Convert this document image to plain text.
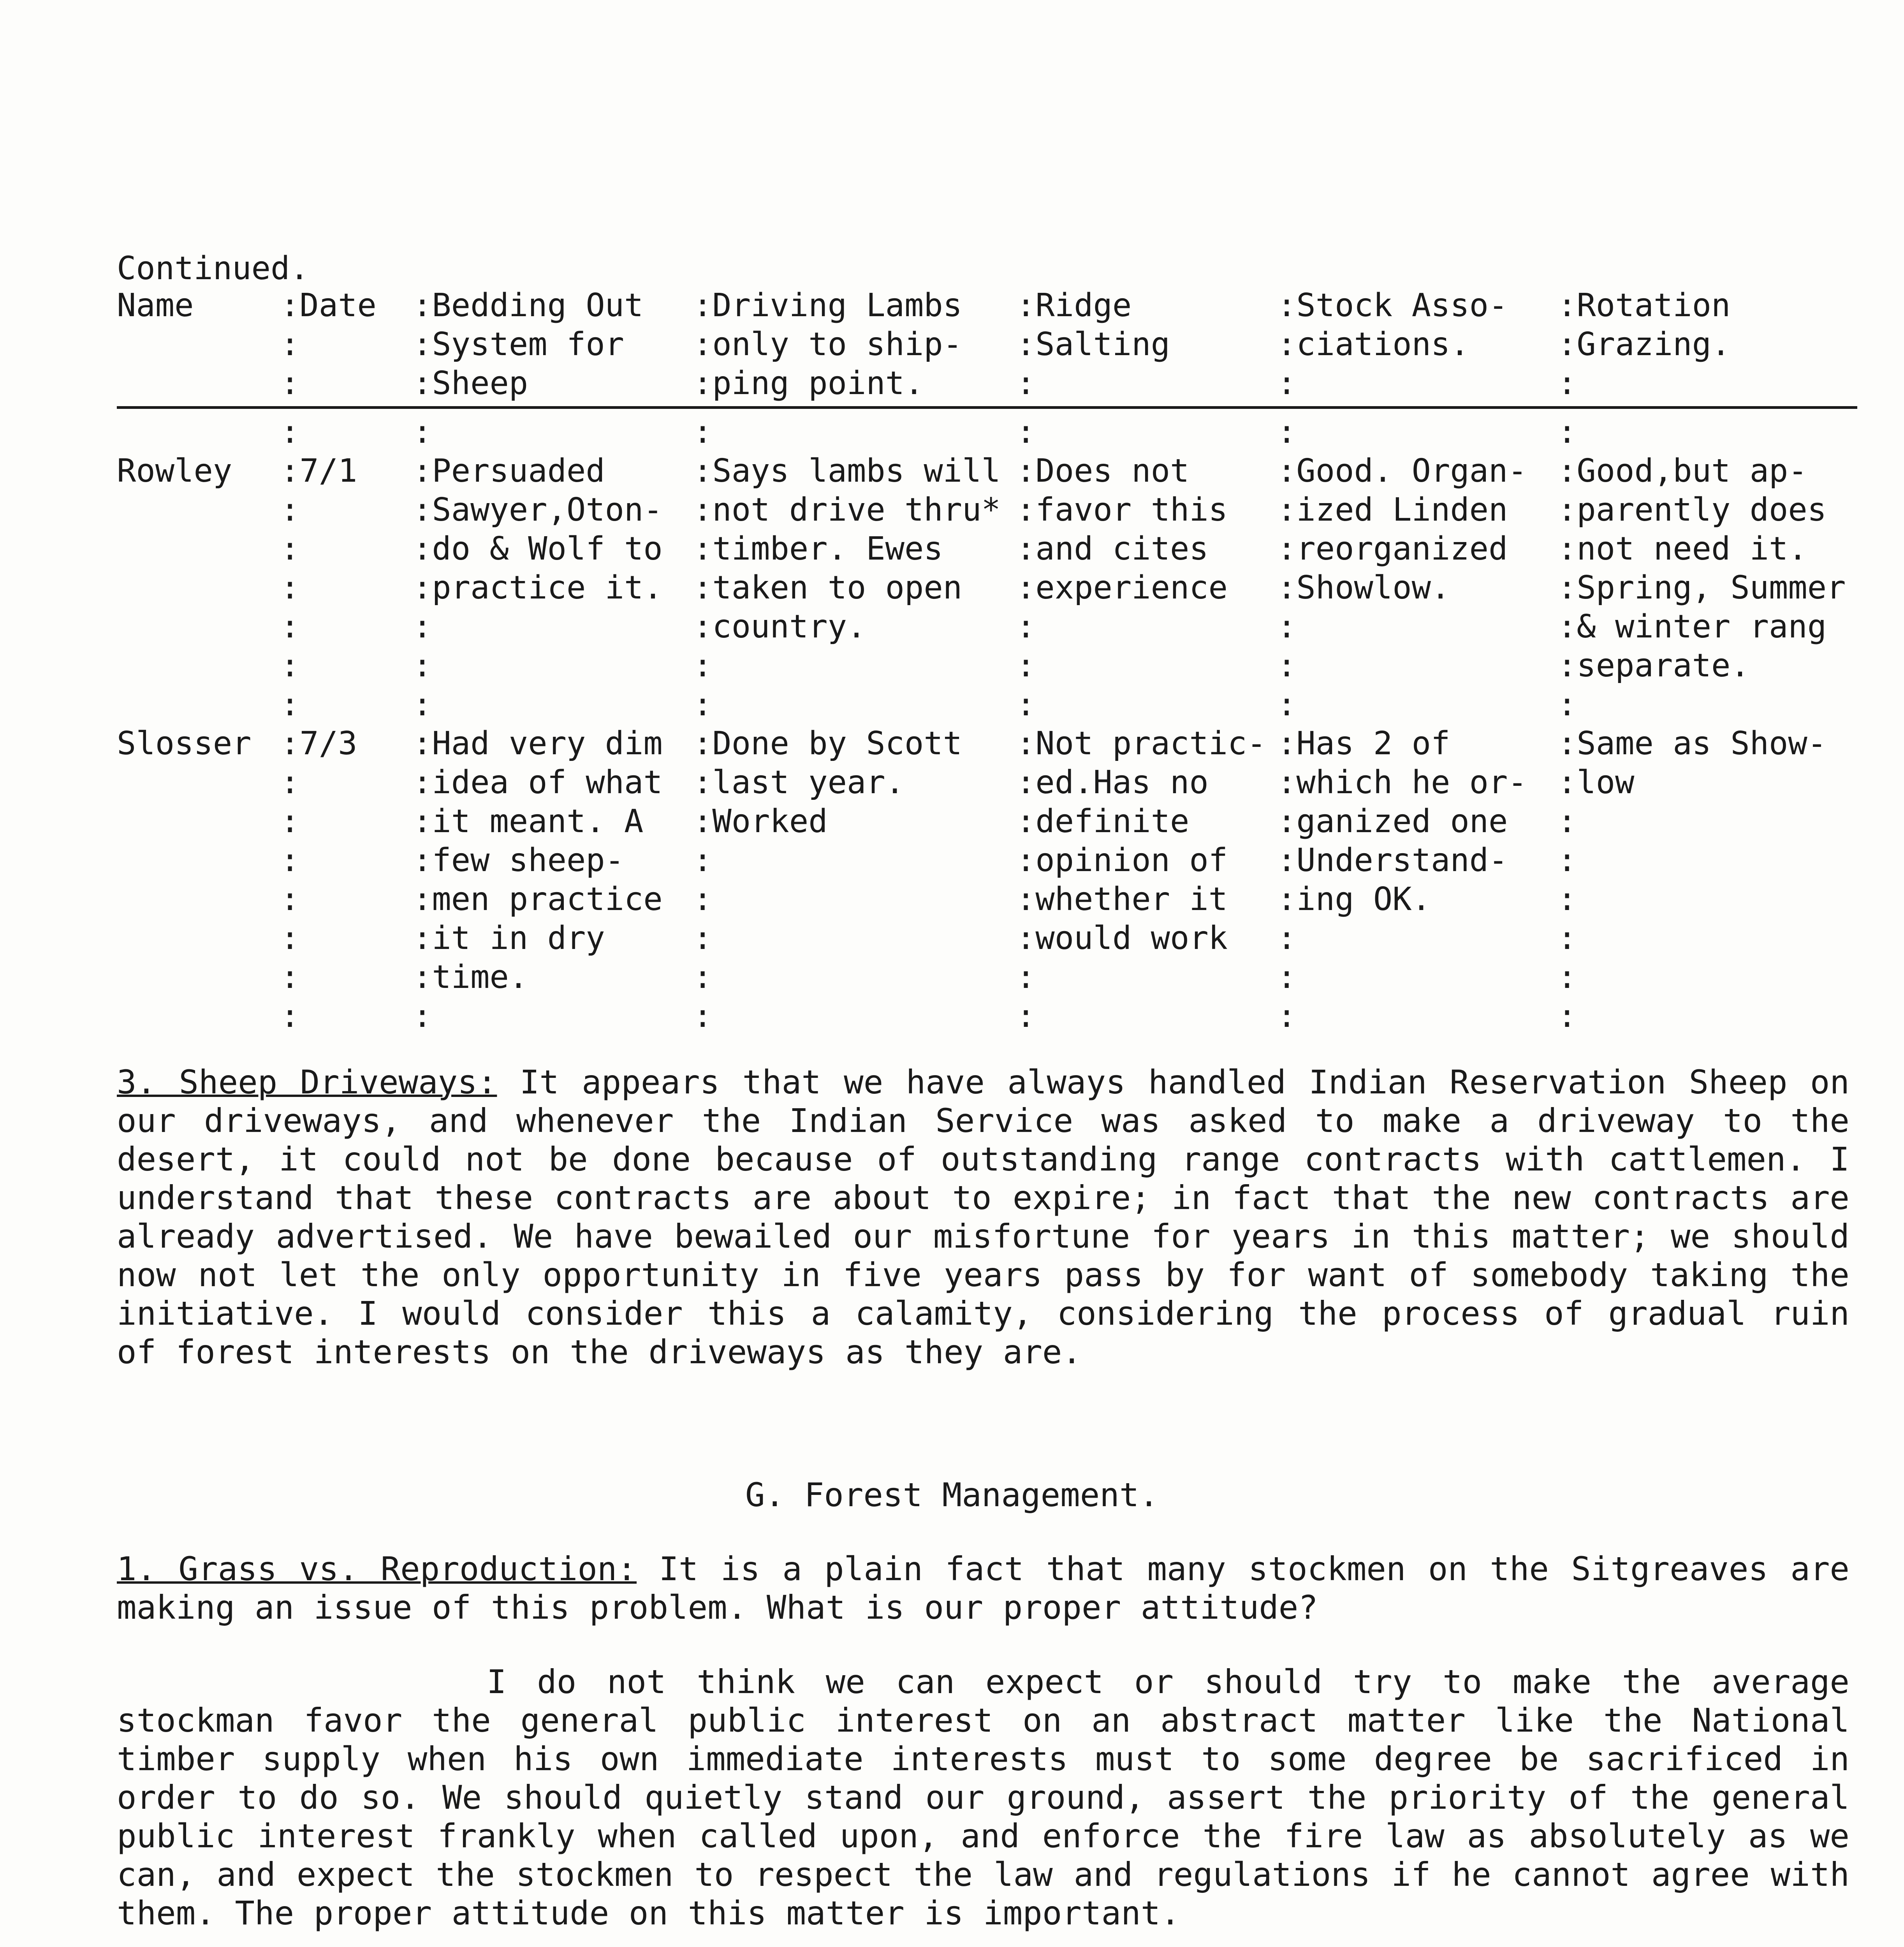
Continued.
Name	:Date	:Bedding Out	:Driving Lambs	:Ridge	:Stock Asso-	:Rotation
:	:System for	:only to ship-	:Salting	:ciations.	:Grazing.
:	:Sheep	:ping point.	:	:	:
:	:	:	:	:	:
Rowley	:7/1	:Persuaded	:Says lambs will :Does not	:Good. Organ- :Good,but ap-
:	:Sawyer,Oton- :not drive thru* :favor this	:ized Linden	:parently does
:	:do & Wolf to :timber. Ewes	:and cites	:reorganized	:not need it.
:	:practice it. :taken to open	:experience	:Showlow.	:Spring, Summer
:	:	:country.	:	:	:& winter rang
:	:	:	:	:	:separate.
:	:	:	:	:	:
Slosser :7/3	:Had very dim :Done by Scott	:Not practic- :Has 2 of	:Same as Show-
:	:idea of what :last year.	:ed.Has no	:which he or- :low
:	:it meant. A	:Worked	:definite	:ganized one	:
:	:few sheep-	:	:opinion of	:Understand-	:
:	:men practice :	:whether it	:ing OK.	:
:	:it in dry	:	:would work	:	:
:	:time.	:	:	:	:
:	:	:	:	:	:
3. Sheep Driveways: It appears that we have always handled Indian Reservation Sheep on our driveways, and whenever the Indian Service was asked to make a driveway to the desert, it could not be done because of outstanding range contracts with cattlemen. I understand that these contracts are about to expire; in fact that the new contracts are already advertised. We have bewailed our misfortune for years in this matter; we should now not let the only opportunity in five years pass by for want of somebody taking the initiative. I would consider this a calamity, considering the process of gradual ruin of forest interests on the driveways as they are.
G. Forest Management.
1. Grass vs. Reproduction: It is a plain fact that many stockmen on the Sitgreaves are making an issue of this problem. What is our proper attitude?
I do not think we can expect or should try to make the average stockman favor the general public interest on an abstract matter like the National timber supply when his own immediate interests must to some degree be sacrificed in order to do so. We should quietly stand our ground, assert the priority of the general public interest frankly when called upon, and enforce the fire law as absolutely as we can, and expect the stockmen to respect the law and regulations if he cannot agree with them. The proper attitude on this matter is important.
